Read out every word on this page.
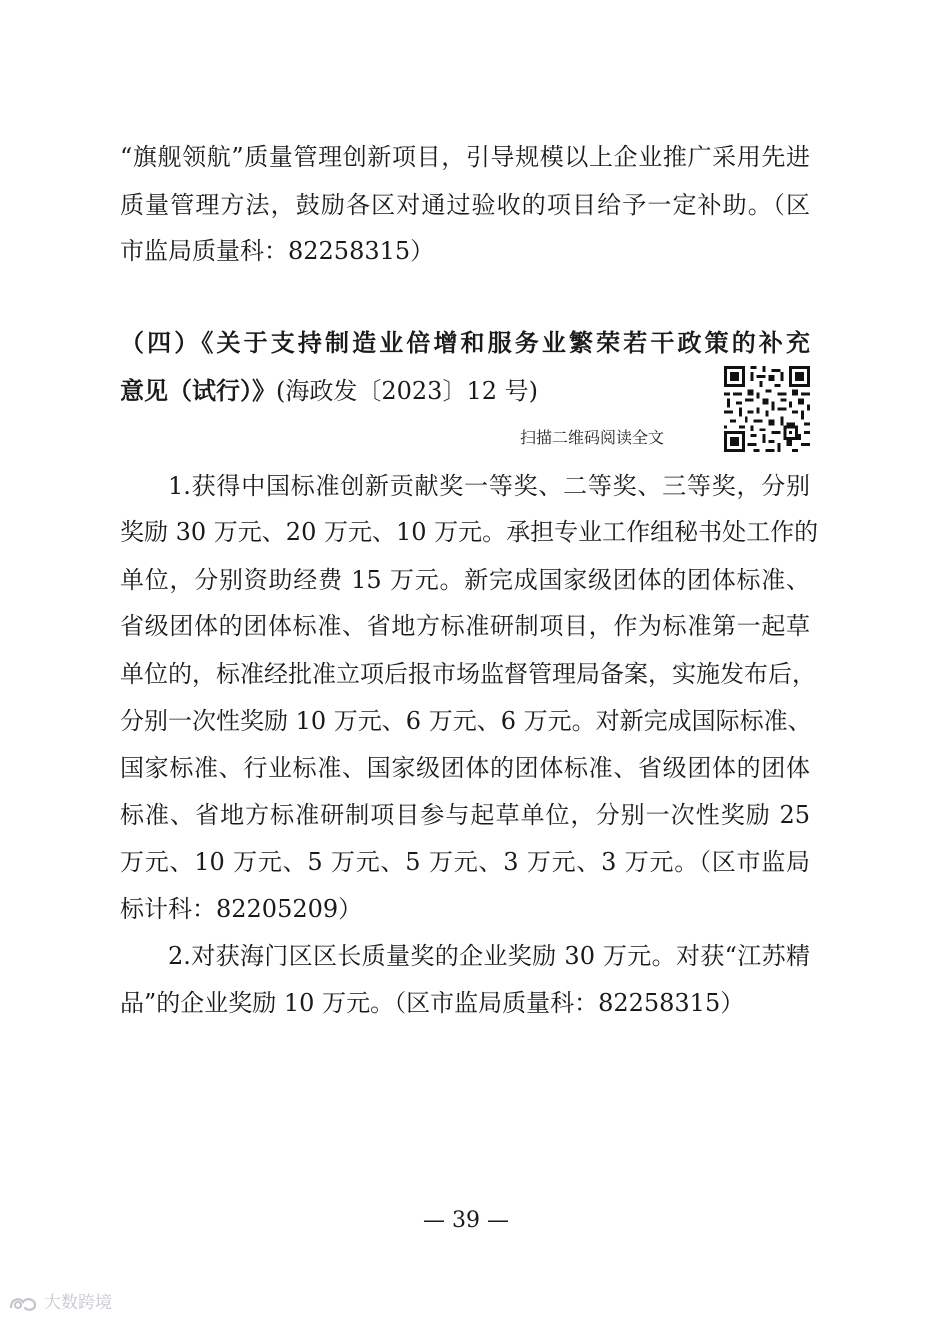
“旗舰领航”质量管理创新项目，引导规模以上企业推广采用先进
质量管理方法，鼓励各区对通过验收的项目给予一定补助。（区
市监局质量科：82258315）
（四）《关于支持制造业倍增和服务业繁荣若干政策的补充
意见（试行）》(海政发〔2023〕12 号)
扫描二维码阅读全文
1.获得中国标准创新贡献奖一等奖、二等奖、三等奖，分别
奖励 30 万元、20 万元、10 万元。承担专业工作组秘书处工作的
单位，分别资助经费 15 万元。新完成国家级团体的团体标准、
省级团体的团体标准、省地方标准研制项目，作为标准第一起草
单位的，标准经批准立项后报市场监督管理局备案，实施发布后，
分别一次性奖励 10 万元、6 万元、6 万元。对新完成国际标准、
国家标准、行业标准、国家级团体的团体标准、省级团体的团体
标准、省地方标准研制项目参与起草单位，分别一次性奖励 25
万元、10 万元、5 万元、5 万元、3 万元、3 万元。（区市监局
标计科：82205209）
2.对获海门区区长质量奖的企业奖励 30 万元。对获“江苏精
品”的企业奖励 10 万元。（区市监局质量科：82258315）
— 39 —
大数跨境
